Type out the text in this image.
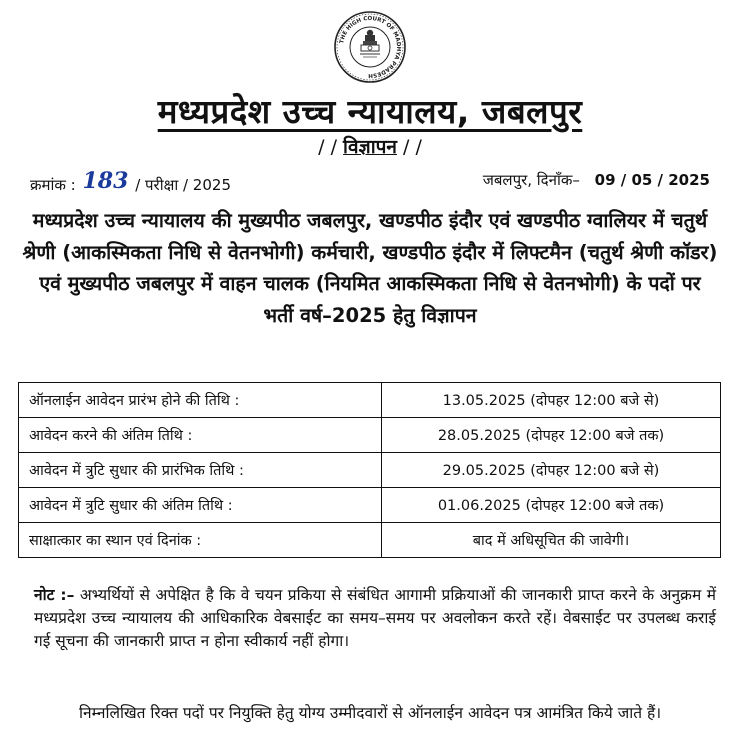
THE HIGH COURT OF MADHYA PRADESH
मध्यप्रदेश उच्च न्यायालय, जबलपुर
/ / विज्ञापन / /
क्रमांक : 183 / परीक्षा / 2025	जबलपुर, दिनाँक– 09 / 05 / 2025
मध्यप्रदेश उच्च न्यायालय की मुख्यपीठ जबलपुर, खण्डपीठ इंदौर एवं खण्डपीठ ग्वालियर में चतुर्थ श्रेणी (आकस्मिकता निधि से वेतनभोगी) कर्मचारी, खण्डपीठ इंदौर में लिफ्टमैन (चतुर्थ श्रेणी कॉडर) एवं मुख्यपीठ जबलपुर में वाहन चालक (नियमित आकस्मिकता निधि से वेतनभोगी) के पदों पर भर्ती वर्ष–2025 हेतु विज्ञापन
ऑनलाईन आवेदन प्रारंभ होने की तिथि :	13.05.2025 (दोपहर 12:00 बजे से)
आवेदन करने की अंतिम तिथि :	28.05.2025 (दोपहर 12:00 बजे तक)
आवेदन में त्रुटि सुधार की प्रारंभिक तिथि :	29.05.2025 (दोपहर 12:00 बजे से)
आवेदन में त्रुटि सुधार की अंतिम तिथि :	01.06.2025 (दोपहर 12:00 बजे तक)
साक्षात्कार का स्थान एवं दिनांक :	बाद में अधिसूचित की जावेगी।
नोट :– अभ्यर्थियों से अपेक्षित है कि वे चयन प्रकिया से संबंधित आगामी प्रक्रियाओं की जानकारी प्राप्त करने के अनुक्रम में मध्यप्रदेश उच्च न्यायालय की आधिकारिक वेबसाईट का समय–समय पर अवलोकन करते रहें। वेबसाईट पर उपलब्ध कराई गई सूचना की जानकारी प्राप्त न होना स्वीकार्य नहीं होगा।
निम्नलिखित रिक्त पदों पर नियुक्ति हेतु योग्य उम्मीदवारों से ऑनलाईन आवेदन पत्र आमंत्रित किये जाते हैं।
